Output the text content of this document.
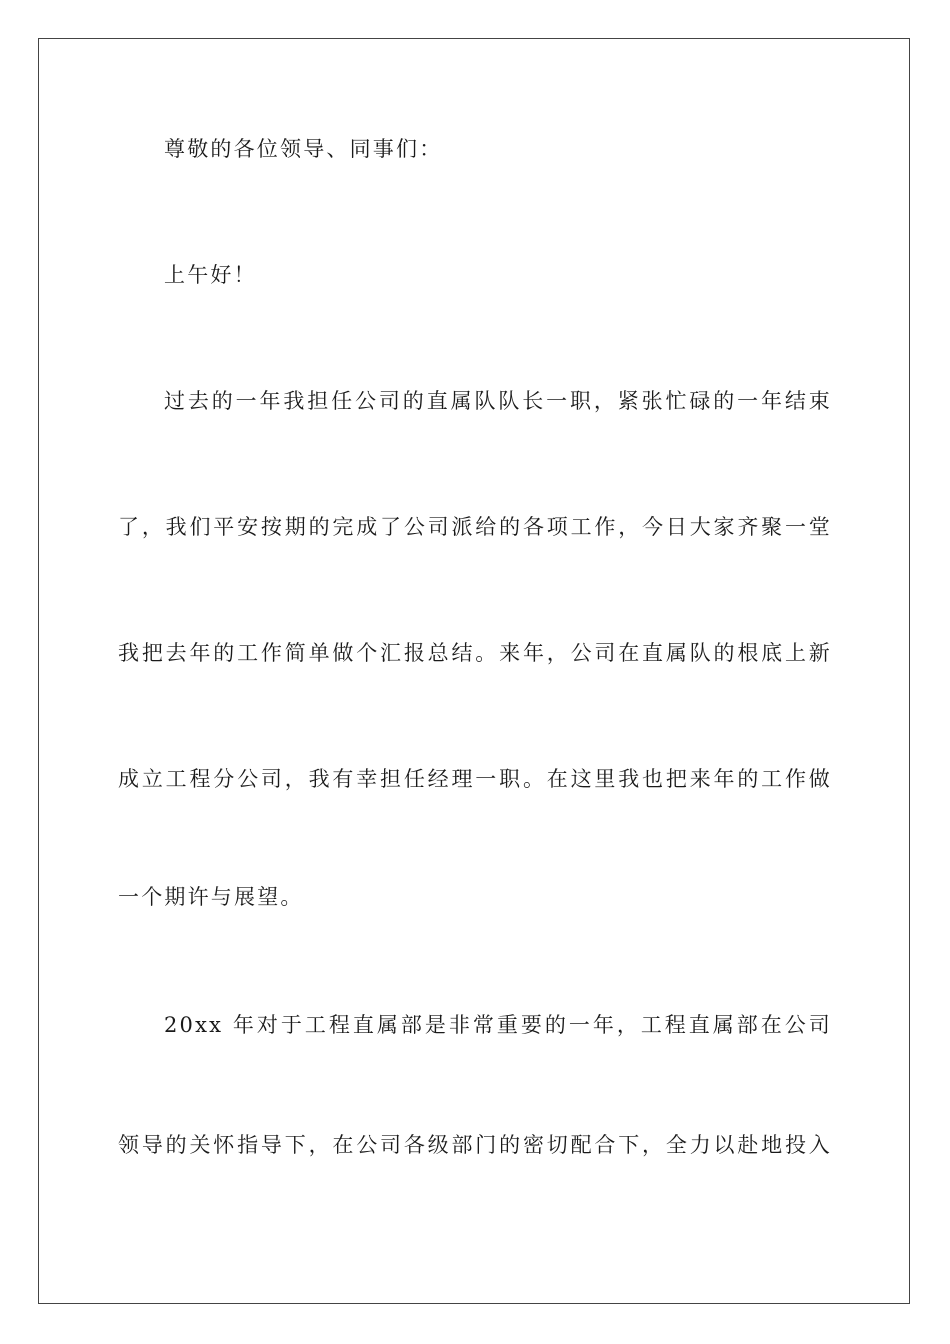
尊敬的各位领导、同事们：
上午好！
过去的一年我担任公司的直属队队长一职，紧张忙碌的一年结束
了，我们平安按期的完成了公司派给的各项工作，今日大家齐聚一堂
我把去年的工作简单做个汇报总结。来年，公司在直属队的根底上新
成立工程分公司，我有幸担任经理一职。在这里我也把来年的工作做
一个期许与展望。
20xx 年对于工程直属部是非常重要的一年，工程直属部在公司
领导的关怀指导下，在公司各级部门的密切配合下，全力以赴地投入
